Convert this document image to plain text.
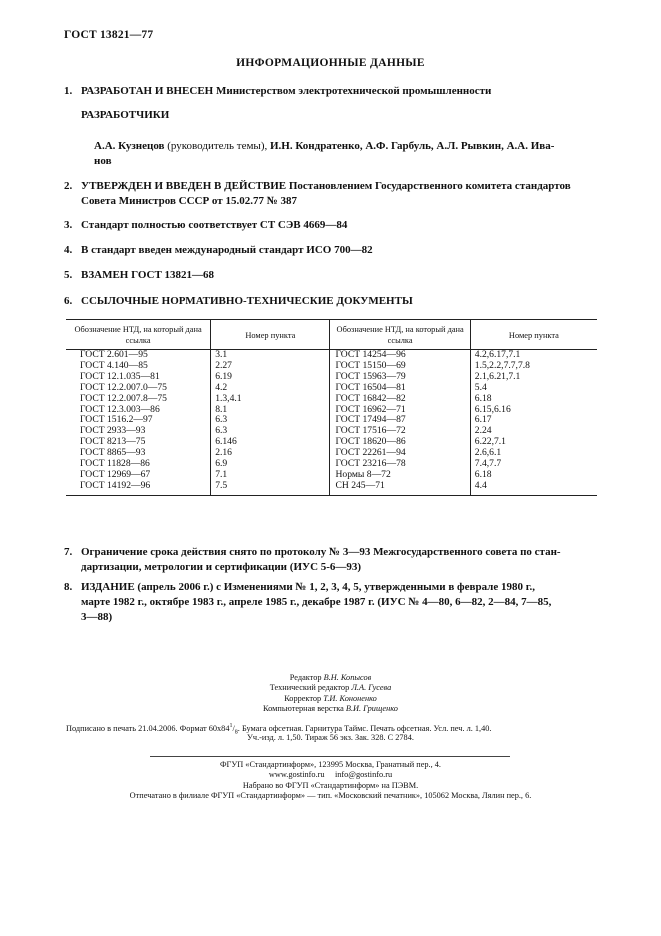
ГОСТ 13821—77
ИНФОРМАЦИОННЫЕ ДАННЫЕ
1. РАЗРАБОТАН И ВНЕСЕН Министерством электротехнической промышленности
РАЗРАБОТЧИКИ
А.А. Кузнецов (руководитель темы), И.Н. Кондратенко, А.Ф. Гарбуль, А.Л. Рывкин, А.А. Ива-
нов
2. УТВЕРЖДЕН И ВВЕДЕН В ДЕЙСТВИЕ Постановлением Государственного комитета стандартов
Совета Министров СССР от 15.02.77 № 387
3. Стандарт полностью соответствует СТ СЭВ 4669—84
4. В стандарт введен международный стандарт ИСО 700—82
5. ВЗАМЕН ГОСТ 13821—68
6. ССЫЛОЧНЫЕ НОРМАТИВНО-ТЕХНИЧЕСКИЕ ДОКУМЕНТЫ
Обозначение НТД, на который дана ссылка	Номер пункта	Обозначение НТД, на который дана ссылка	Номер пункта
ГОСТ 2.601—95	3.1	ГОСТ 14254—96	4.2,6.17,7.1
ГОСТ 4.140—85	2.27	ГОСТ 15150—69	1.5,2.2,7.7,7.8
ГОСТ 12.1.035—81	6.19	ГОСТ 15963—79	2.1,6.21,7.1
ГОСТ 12.2.007.0—75	4.2	ГОСТ 16504—81	5.4
ГОСТ 12.2.007.8—75	1.3,4.1	ГОСТ 16842—82	6.18
ГОСТ 12.3.003—86	8.1	ГОСТ 16962—71	6.15,6.16
ГОСТ 1516.2—97	6.3	ГОСТ 17494—87	6.17
ГОСТ 2933—93	6.3	ГОСТ 17516—72	2.24
ГОСТ 8213—75	6.146	ГОСТ 18620—86	6.22,7.1
ГОСТ 8865—93	2.16	ГОСТ 22261—94	2.6,6.1
ГОСТ 11828—86	6.9	ГОСТ 23216—78	7.4,7.7
ГОСТ 12969—67	7.1	Нормы 8—72	6.18
ГОСТ 14192—96	7.5	СН 245—71	4.4
7. Ограничение срока действия снято по протоколу № 3—93 Межгосударственного совета по стан-
дартизации, метрологии и сертификации (ИУС 5-6—93)
8. ИЗДАНИЕ (апрель 2006 г.) с Изменениями № 1, 2, 3, 4, 5, утвержденными в феврале 1980 г.,
марте 1982 г., октябре 1983 г., апреле 1985 г., декабре 1987 г. (ИУС № 4—80, 6—82, 2—84, 7—85,
3—88)
Редактор В.Н. Копысов
Технический редактор Л.А. Гусева
Корректор Т.И. Кононенко
Компьютерная верстка В.И. Грищенко
Подписано в печать 21.04.2006. Формат $60x84^1/_8$. Бумага офсетная. Гарнитура Таймс. Печать офсетная. Усл. печ. л. 1,40.
Уч.-изд. л. 1,50. Тираж 56 экз. Зак. 328. С 2784.
ФГУП «Стандартинформ», 123995 Москва, Гранатный пер., 4.
www.gostinfo.ru info@gostinfo.ru
Набрано во ФГУП «Стандартинформ» на ПЭВМ.
Отпечатано в филиале ФГУП «Стандартинформ» — тип. «Московский печатник», 105062 Москва, Лялин пер., 6.
